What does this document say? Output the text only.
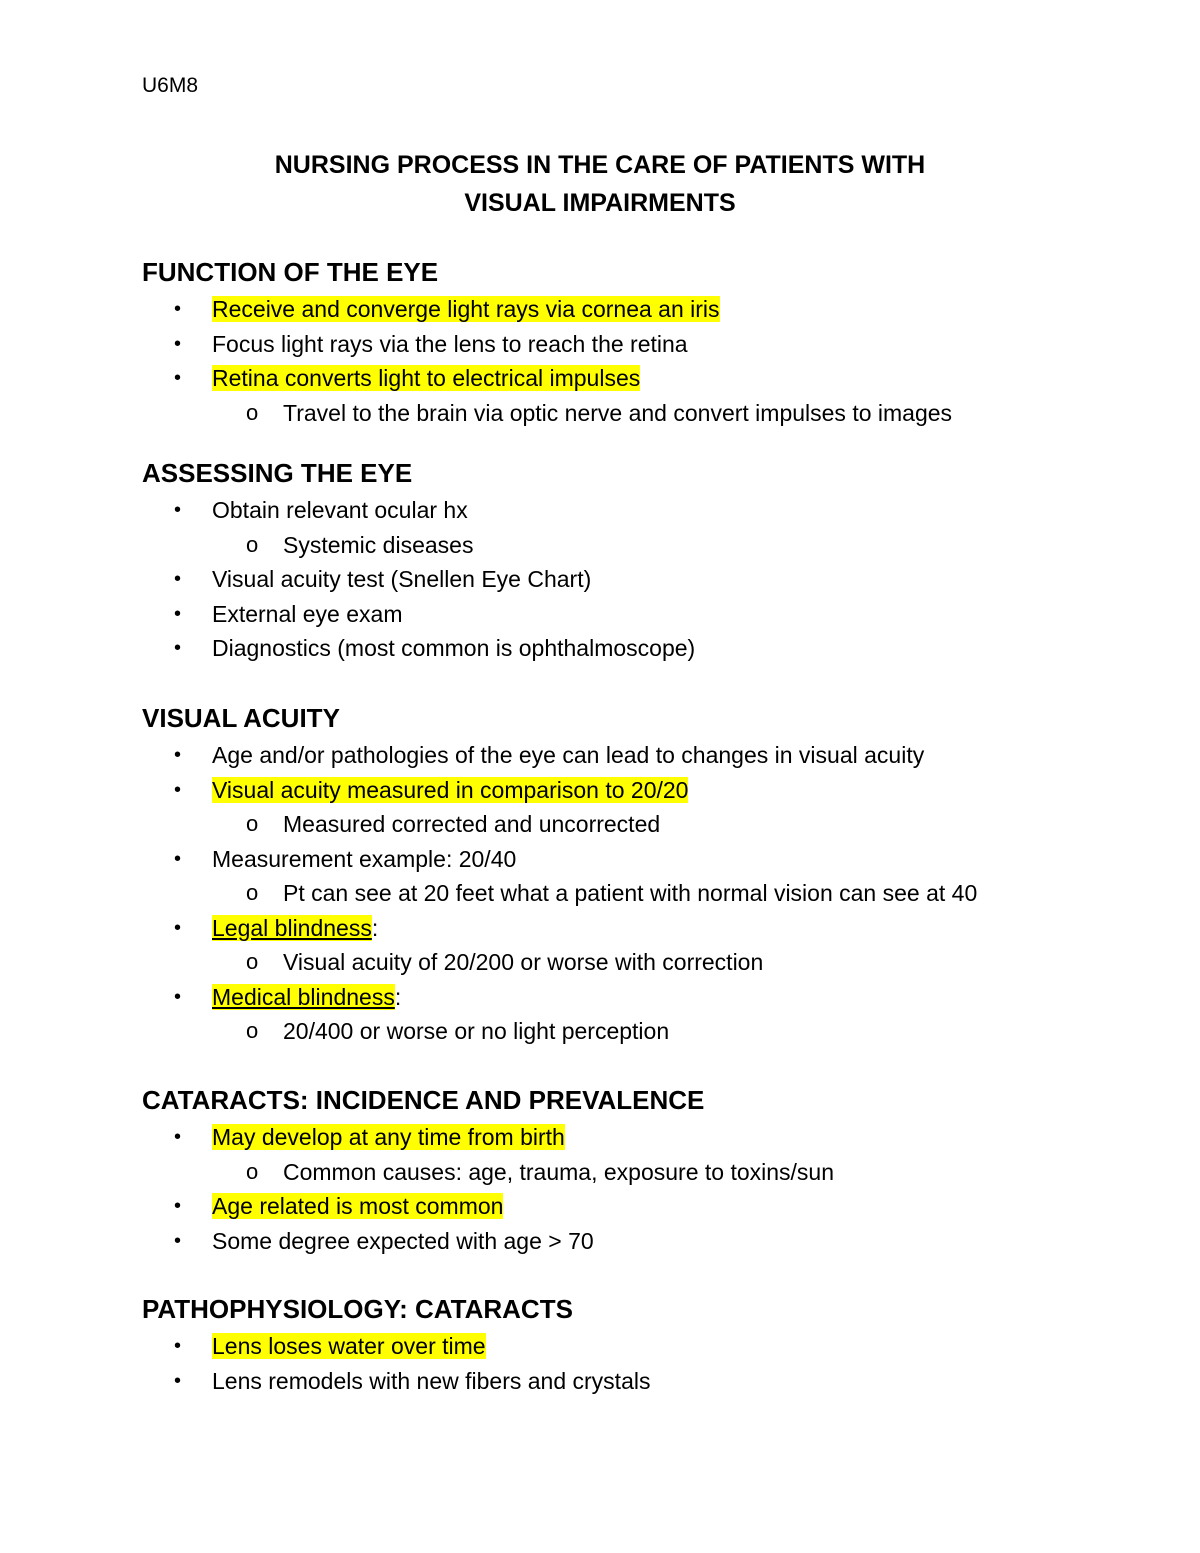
U6M8
NURSING PROCESS IN THE CARE OF PATIENTS WITH
VISUAL IMPAIRMENTS
FUNCTION OF THE EYE
• Receive and converge light rays via cornea an iris
• Focus light rays via the lens to reach the retina
• Retina converts light to electrical impulses
o Travel to the brain via optic nerve and convert impulses to images
ASSESSING THE EYE
• Obtain relevant ocular hx
o Systemic diseases
• Visual acuity test (Snellen Eye Chart)
• External eye exam
• Diagnostics (most common is ophthalmoscope)
VISUAL ACUITY
• Age and/or pathologies of the eye can lead to changes in visual acuity
• Visual acuity measured in comparison to 20/20
o Measured corrected and uncorrected
• Measurement example: 20/40
o Pt can see at 20 feet what a patient with normal vision can see at 40
• Legal blindness:
o Visual acuity of 20/200 or worse with correction
• Medical blindness:
o 20/400 or worse or no light perception
CATARACTS: INCIDENCE AND PREVALENCE
• May develop at any time from birth
o Common causes: age, trauma, exposure to toxins/sun
• Age related is most common
• Some degree expected with age > 70
PATHOPHYSIOLOGY: CATARACTS
• Lens loses water over time
• Lens remodels with new fibers and crystals
